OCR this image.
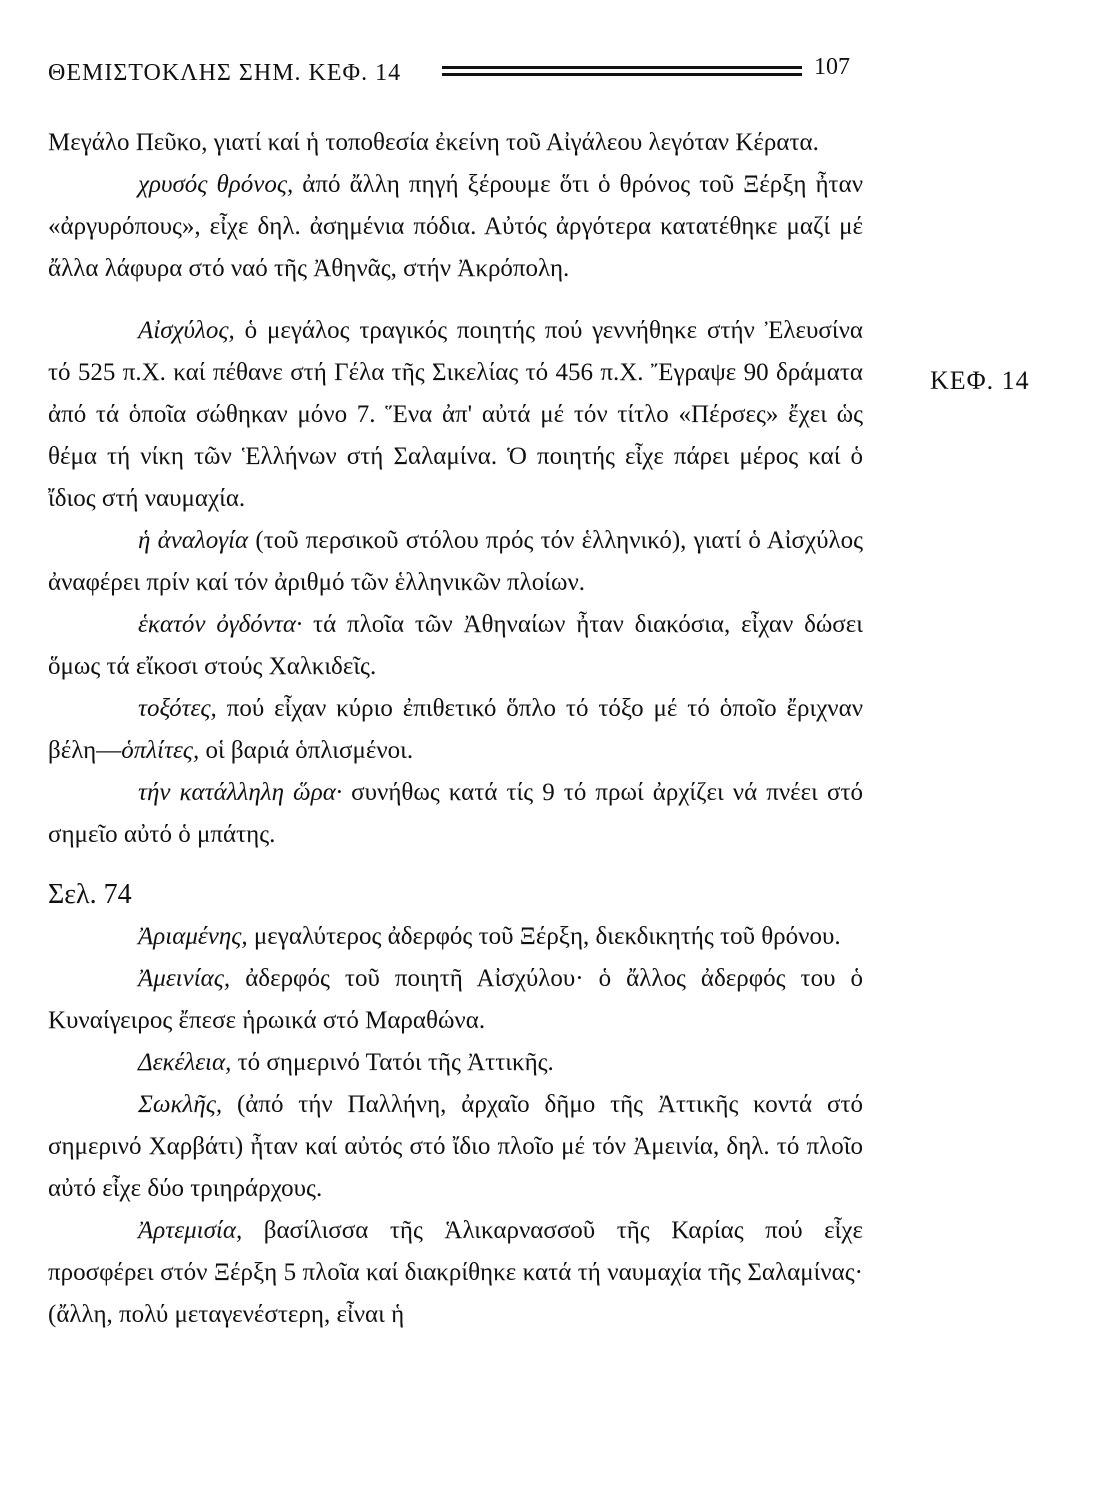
ΘΕΜΙΣΤΟΚΛΗΣ ΣΗΜ. ΚΕΦ. 14	107
ΚΕΦ. 14

Μεγάλο Πεῦκο, γιατί καί ἡ τοποθεσία ἐκείνη τοῦ Αἰγάλεου λεγόταν Κέρατα.

χρυσός θρόνος, ἀπό ἄλλη πηγή ξέρουμε ὅτι ὁ θρόνος τοῦ Ξέρξη ἦταν «ἀργυρόπους», εἶχε δηλ. ἀσημένια πόδια. Αὐτός ἀργότερα κατατέθηκε μαζί μέ ἄλλα λάφυρα στό ναό τῆς Ἀθηνᾶς, στήν Ἀκρόπολη.

Αἰσχύλος, ὁ μεγάλος τραγικός ποιητής πού γεννήθηκε στήν Ἐλευσίνα τό 525 π.Χ. καί πέθανε στή Γέλα τῆς Σικελίας τό 456 π.Χ. Ἔγραψε 90 δράματα ἀπό τά ὁποῖα σώθηκαν μόνο 7. Ἕνα ἀπ' αὐτά μέ τόν τίτλο «Πέρσες» ἔχει ὡς θέμα τή νίκη τῶν Ἑλλήνων στή Σαλαμίνα. Ὁ ποιητής εἶχε πάρει μέρος καί ὁ ἴδιος στή ναυμαχία.

ἡ ἀναλογία (τοῦ περσικοῦ στόλου πρός τόν ἑλληνικό), γιατί ὁ Αἰσχύλος ἀναφέρει πρίν καί τόν ἀριθμό τῶν ἑλληνικῶν πλοίων.

ἑκατόν ὀγδόντα· τά πλοῖα τῶν Ἀθηναίων ἦταν διακόσια, εἶχαν δώσει ὅμως τά εἴκοσι στούς Χαλκιδεῖς.

τοξότες, πού εἶχαν κύριο ἐπιθετικό ὅπλο τό τόξο μέ τό ὁποῖο ἔριχναν βέλη—ὁπλίτες, οἱ βαριά ὁπλισμένοι.

τήν κατάλληλη ὥρα· συνήθως κατά τίς 9 τό πρωί ἀρχίζει νά πνέει στό σημεῖο αὐτό ὁ μπάτης.

Σελ. 74

Ἀριαμένης, μεγαλύτερος ἀδερφός τοῦ Ξέρξη, διεκδικητής τοῦ θρόνου.

Ἀμεινίας, ἀδερφός τοῦ ποιητῆ Αἰσχύλου· ὁ ἄλλος ἀδερφός του ὁ Κυναίγειρος ἔπεσε ἡρωικά στό Μαραθώνα.

Δεκέλεια, τό σημερινό Τατόι τῆς Ἀττικῆς.

Σωκλῆς, (ἀπό τήν Παλλήνη, ἀρχαῖο δῆμο τῆς Ἀττικῆς κοντά στό σημερινό Χαρβάτι) ἦταν καί αὐτός στό ἴδιο πλοῖο μέ τόν Ἀμεινία, δηλ. τό πλοῖο αὐτό εἶχε δύο τριηράρχους.

Ἀρτεμισία, βασίλισσα τῆς Ἁλικαρνασσοῦ τῆς Καρίας πού εἶχε προσφέρει στόν Ξέρξη 5 πλοῖα καί διακρίθηκε κατά τή ναυμαχία τῆς Σαλαμίνας· (ἄλλη, πολύ μεταγενέστερη, εἶναι ἡ
